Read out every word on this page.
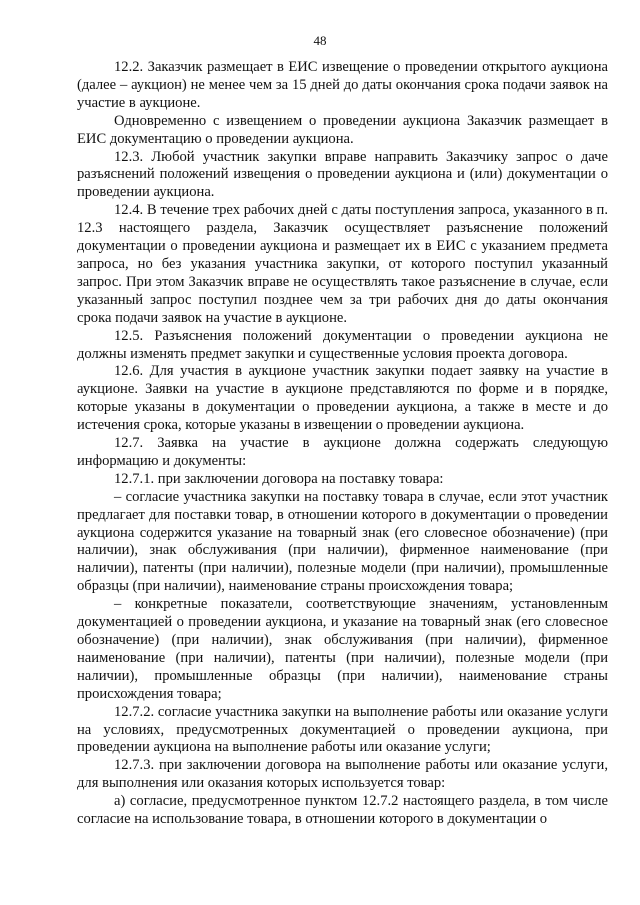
48

12.2. Заказчик размещает в ЕИС извещение о проведении открытого аукциона (далее – аукцион) не менее чем за 15 дней до даты окончания срока подачи заявок на участие в аукционе.

Одновременно с извещением о проведении аукциона Заказчик размещает в ЕИС документацию о проведении аукциона.

12.3. Любой участник закупки вправе направить Заказчику запрос о даче разъяснений положений извещения о проведении аукциона и (или) документации о проведении аукциона.

12.4. В течение трех рабочих дней с даты поступления запроса, указанного в п. 12.3 настоящего раздела, Заказчик осуществляет разъяснение положений документации о проведении аукциона и размещает их в ЕИС с указанием предмета запроса, но без указания участника закупки, от которого поступил указанный запрос. При этом Заказчик вправе не осуществлять такое разъяснение в случае, если указанный запрос поступил позднее чем за три рабочих дня до даты окончания срока подачи заявок на участие в аукционе.

12.5. Разъяснения положений документации о проведении аукциона не должны изменять предмет закупки и существенные условия проекта договора.

12.6. Для участия в аукционе участник закупки подает заявку на участие в аукционе. Заявки на участие в аукционе представляются по форме и в порядке, которые указаны в документации о проведении аукциона, а также в месте и до истечения срока, которые указаны в извещении о проведении аукциона.

12.7. Заявка на участие в аукционе должна содержать следующую информацию и документы:

12.7.1. при заключении договора на поставку товара:

– согласие участника закупки на поставку товара в случае, если этот участник предлагает для поставки товар, в отношении которого в документации о проведении аукциона содержится указание на товарный знак (его словесное обозначение) (при наличии), знак обслуживания (при наличии), фирменное наименование (при наличии), патенты (при наличии), полезные модели (при наличии), промышленные образцы (при наличии), наименование страны происхождения товара;

– конкретные показатели, соответствующие значениям, установленным документацией о проведении аукциона, и указание на товарный знак (его словесное обозначение) (при наличии), знак обслуживания (при наличии), фирменное наименование (при наличии), патенты (при наличии), полезные модели (при наличии), промышленные образцы (при наличии), наименование страны происхождения товара;

12.7.2. согласие участника закупки на выполнение работы или оказание услуги на условиях, предусмотренных документацией о проведении аукциона, при проведении аукциона на выполнение работы или оказание услуги;

12.7.3. при заключении договора на выполнение работы или оказание услуги, для выполнения или оказания которых используется товар:

а) согласие, предусмотренное пунктом 12.7.2 настоящего раздела, в том числе согласие на использование товара, в отношении которого в документации о
